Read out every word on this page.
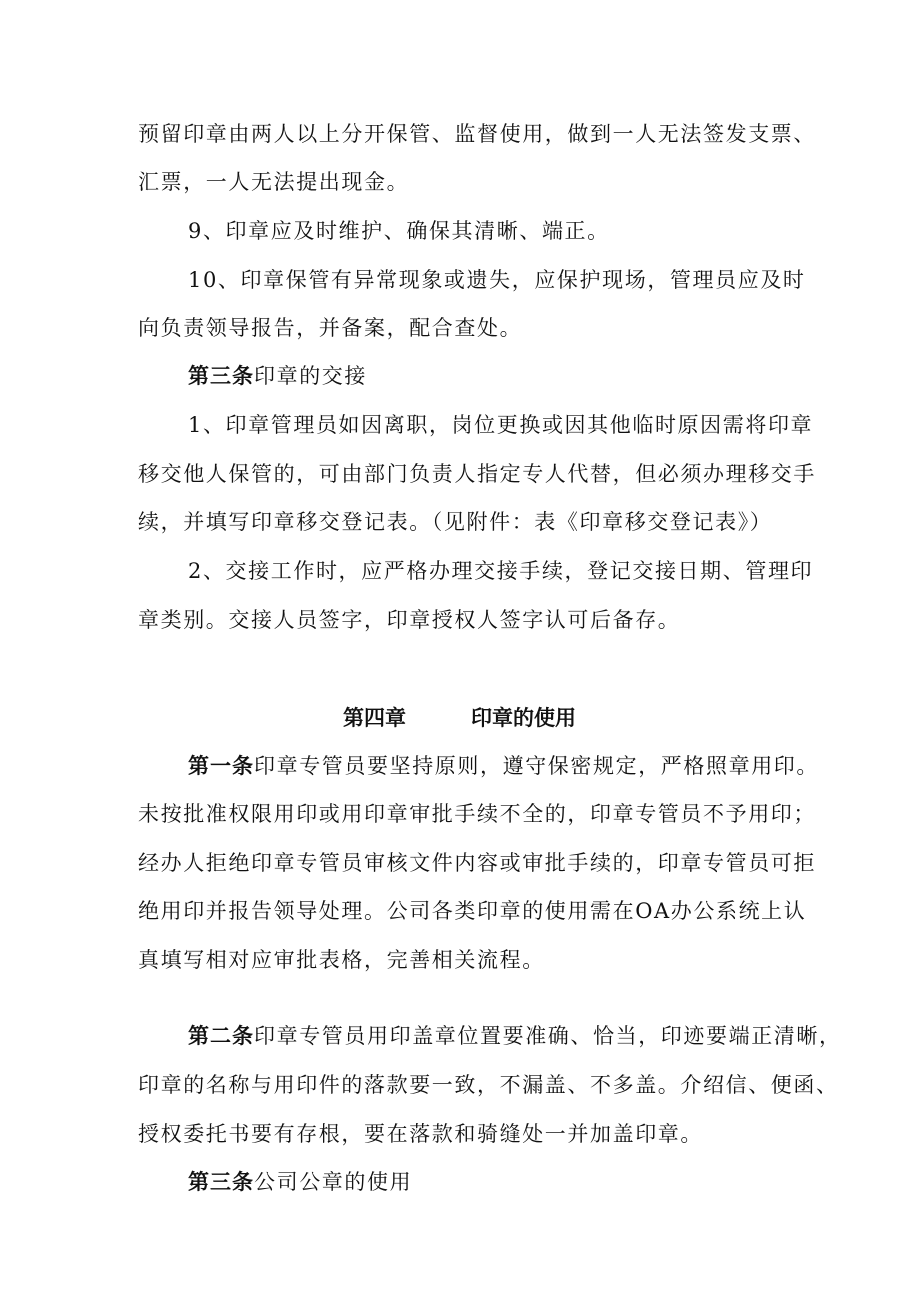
预留印章由两人以上分开保管、监督使用，做到一人无法签发支票、
汇票，一人无法提出现金。
9、印章应及时维护、确保其清晰、端正。
10、印章保管有异常现象或遗失，应保护现场，管理员应及时
向负责领导报告，并备案，配合查处。
第三条印章的交接
1、印章管理员如因离职，岗位更换或因其他临时原因需将印章
移交他人保管的，可由部门负责人指定专人代替，但必须办理移交手
续，并填写印章移交登记表。（见附件：表《印章移交登记表》）
2、交接工作时，应严格办理交接手续，登记交接日期、管理印
章类别。交接人员签字，印章授权人签字认可后备存。
第四章	印章的使用
第一条印章专管员要坚持原则，遵守保密规定，严格照章用印。
未按批准权限用印或用印章审批手续不全的，印章专管员不予用印；
经办人拒绝印章专管员审核文件内容或审批手续的，印章专管员可拒
绝用印并报告领导处理。公司各类印章的使用需在OA办公系统上认
真填写相对应审批表格，完善相关流程。
第二条印章专管员用印盖章位置要准确、恰当，印迹要端正清晰，
印章的名称与用印件的落款要一致，不漏盖、不多盖。介绍信、便函、
授权委托书要有存根，要在落款和骑缝处一并加盖印章。
第三条公司公章的使用
